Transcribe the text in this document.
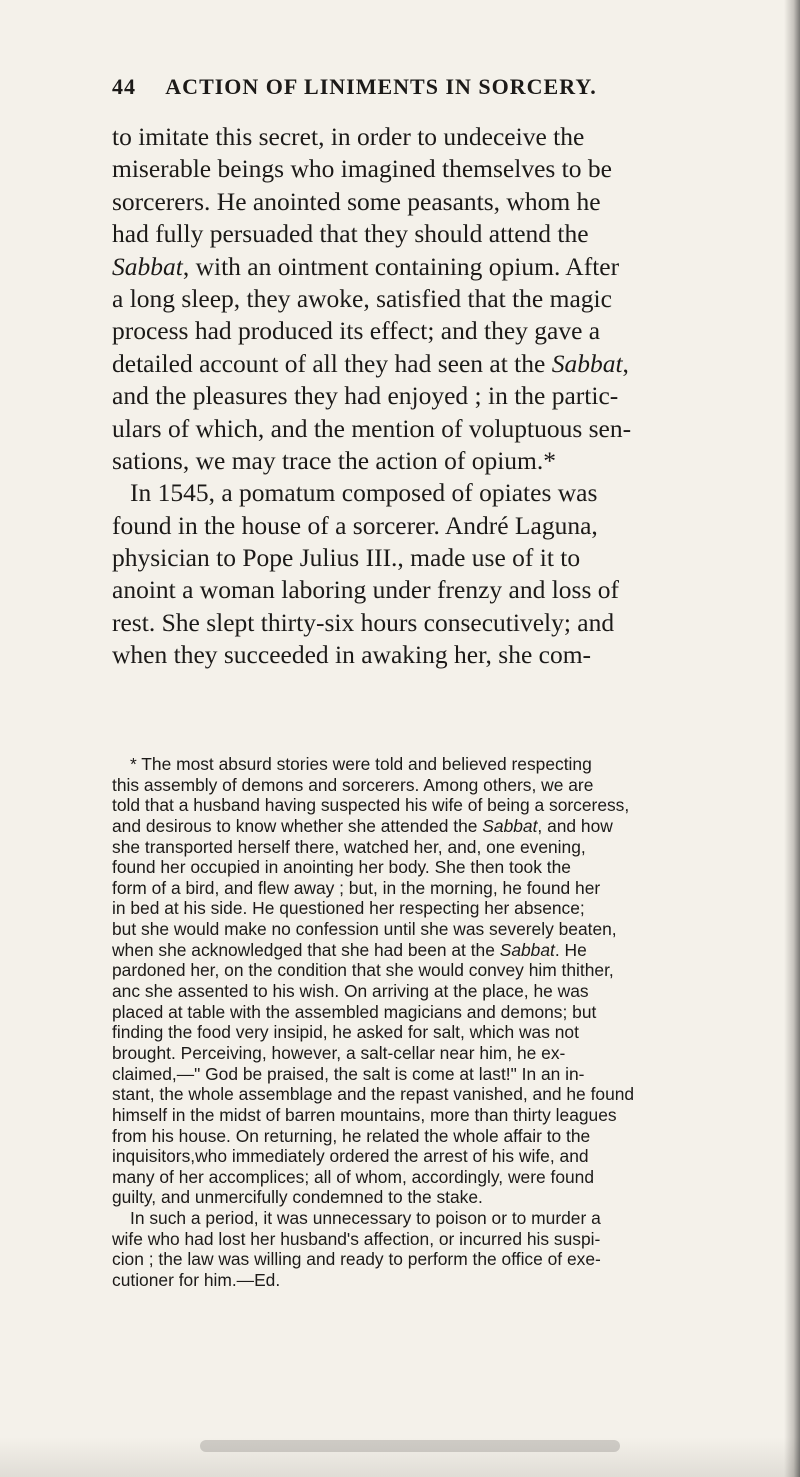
44 ACTION OF LINIMENTS IN SORCERY.
to imitate this secret, in order to undeceive the
miserable beings who imagined themselves to be
sorcerers. He anointed some peasants, whom he
had fully persuaded that they should attend the
Sabbat, with an ointment containing opium. After
a long sleep, they awoke, satisfied that the magic
process had produced its effect; and they gave a
detailed account of all they had seen at the Sabbat,
and the pleasures they had enjoyed ; in the partic-
ulars of which, and the mention of voluptuous sen-
sations, we may trace the action of opium.*
In 1545, a pomatum composed of opiates was
found in the house of a sorcerer. André Laguna,
physician to Pope Julius III., made use of it to
anoint a woman laboring under frenzy and loss of
rest. She slept thirty-six hours consecutively; and
when they succeeded in awaking her, she com-
* The most absurd stories were told and believed respecting
this assembly of demons and sorcerers. Among others, we are
told that a husband having suspected his wife of being a sorceress,
and desirous to know whether she attended the Sabbat, and how
she transported herself there, watched her, and, one evening,
found her occupied in anointing her body. She then took the
form of a bird, and flew away ; but, in the morning, he found her
in bed at his side. He questioned her respecting her absence;
but she would make no confession until she was severely beaten,
when she acknowledged that she had been at the Sabbat. He
pardoned her, on the condition that she would convey him thither,
anc she assented to his wish. On arriving at the place, he was
placed at table with the assembled magicians and demons; but
finding the food very insipid, he asked for salt, which was not
brought. Perceiving, however, a salt-cellar near him, he ex-
claimed,—" God be praised, the salt is come at last!" In an in-
stant, the whole assemblage and the repast vanished, and he found
himself in the midst of barren mountains, more than thirty leagues
from his house. On returning, he related the whole affair to the
inquisitors,who immediately ordered the arrest of his wife, and
many of her accomplices; all of whom, accordingly, were found
guilty, and unmercifully condemned to the stake.
In such a period, it was unnecessary to poison or to murder a
wife who had lost her husband's affection, or incurred his suspi-
cion ; the law was willing and ready to perform the office of exe-
cutioner for him.—Ed.
